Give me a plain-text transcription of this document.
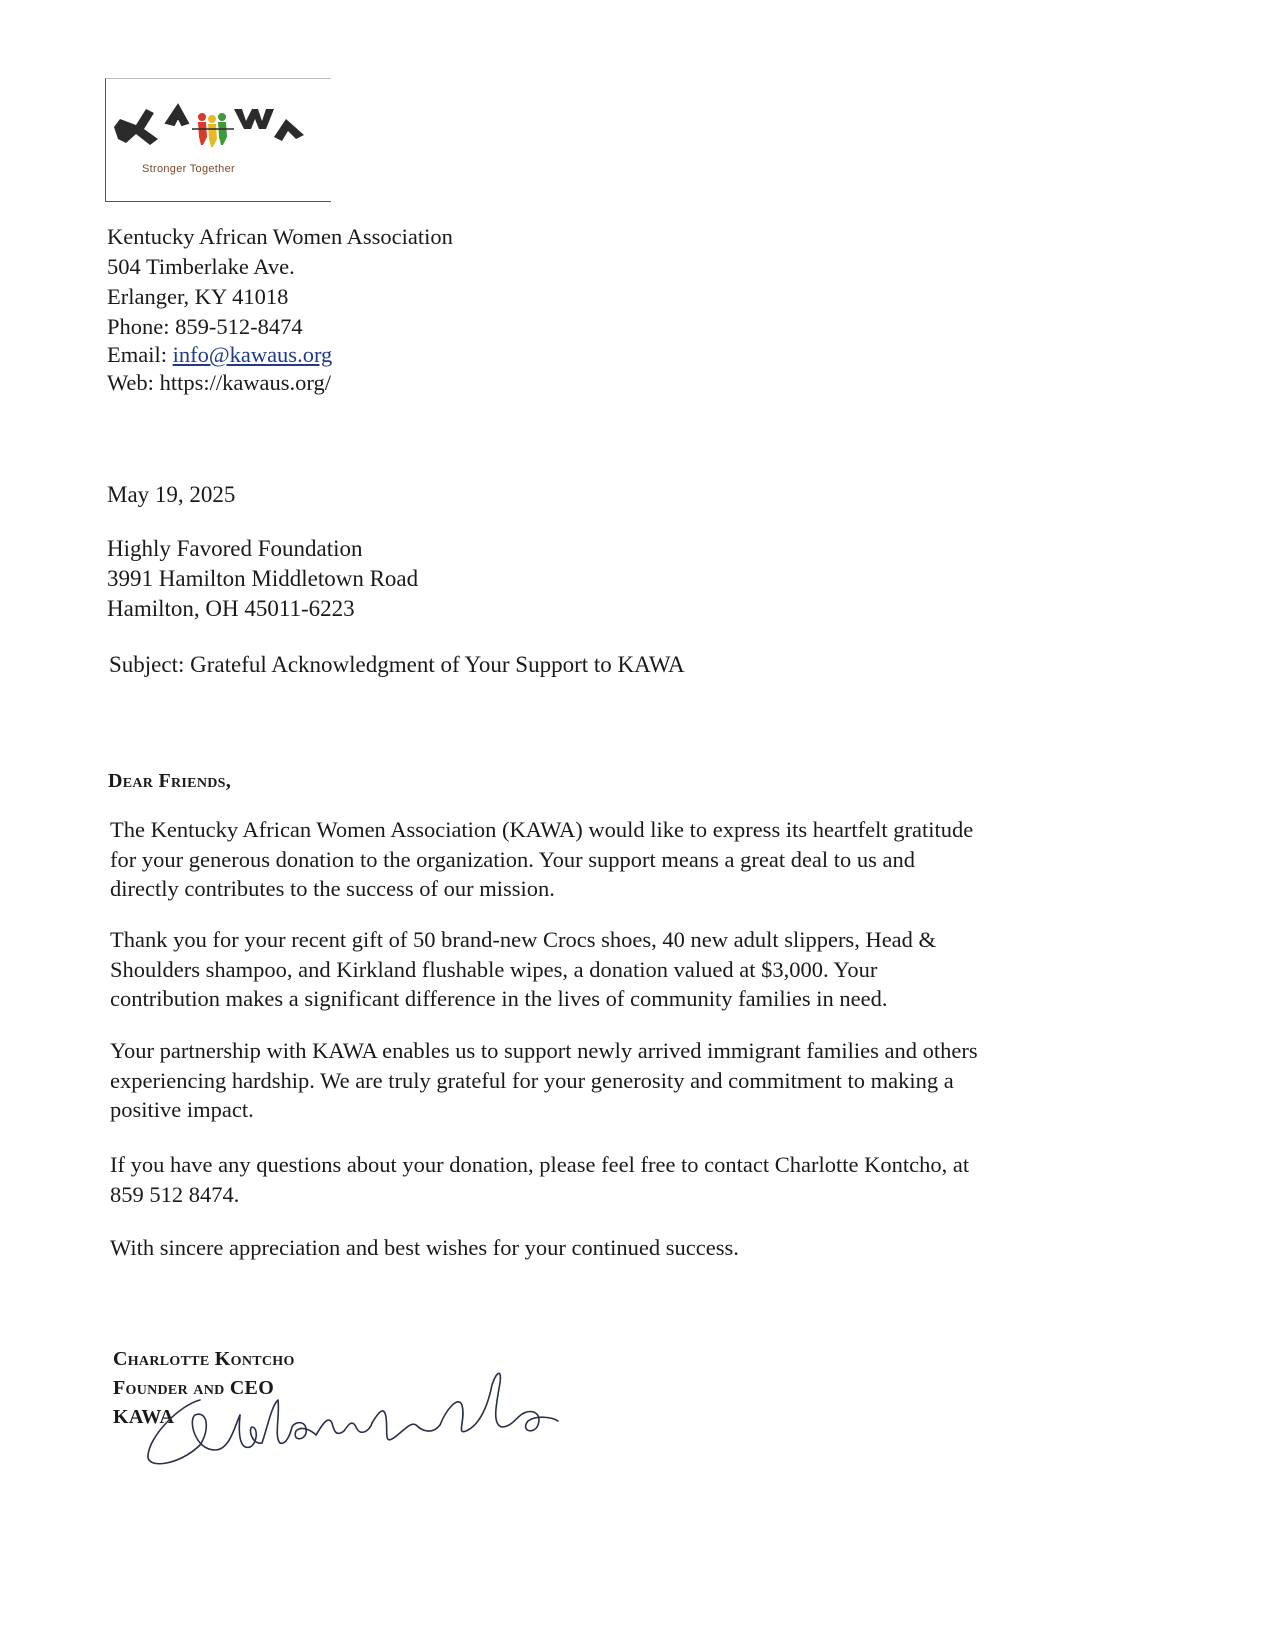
Stronger Together
Kentucky African Women Association
504 Timberlake Ave.
Erlanger, KY 41018
Phone: 859-512-8474
Email: info@kawaus.org
Web: https://kawaus.org/
May 19, 2025
Highly Favored Foundation
3991 Hamilton Middletown Road
Hamilton, OH 45011-6223
Subject: Grateful Acknowledgment of Your Support to KAWA
Dear Friends,
The Kentucky African Women Association (KAWA) would like to express its heartfelt gratitude
for your generous donation to the organization. Your support means a great deal to us and
directly contributes to the success of our mission.
Thank you for your recent gift of 50 brand-new Crocs shoes, 40 new adult slippers, Head &
Shoulders shampoo, and Kirkland flushable wipes, a donation valued at $3,000. Your
contribution makes a significant difference in the lives of community families in need.
Your partnership with KAWA enables us to support newly arrived immigrant families and others
experiencing hardship. We are truly grateful for your generosity and commitment to making a
positive impact.
If you have any questions about your donation, please feel free to contact Charlotte Kontcho, at
859 512 8474.
With sincere appreciation and best wishes for your continued success.
Charlotte Kontcho
Founder and CEO
KAWA
